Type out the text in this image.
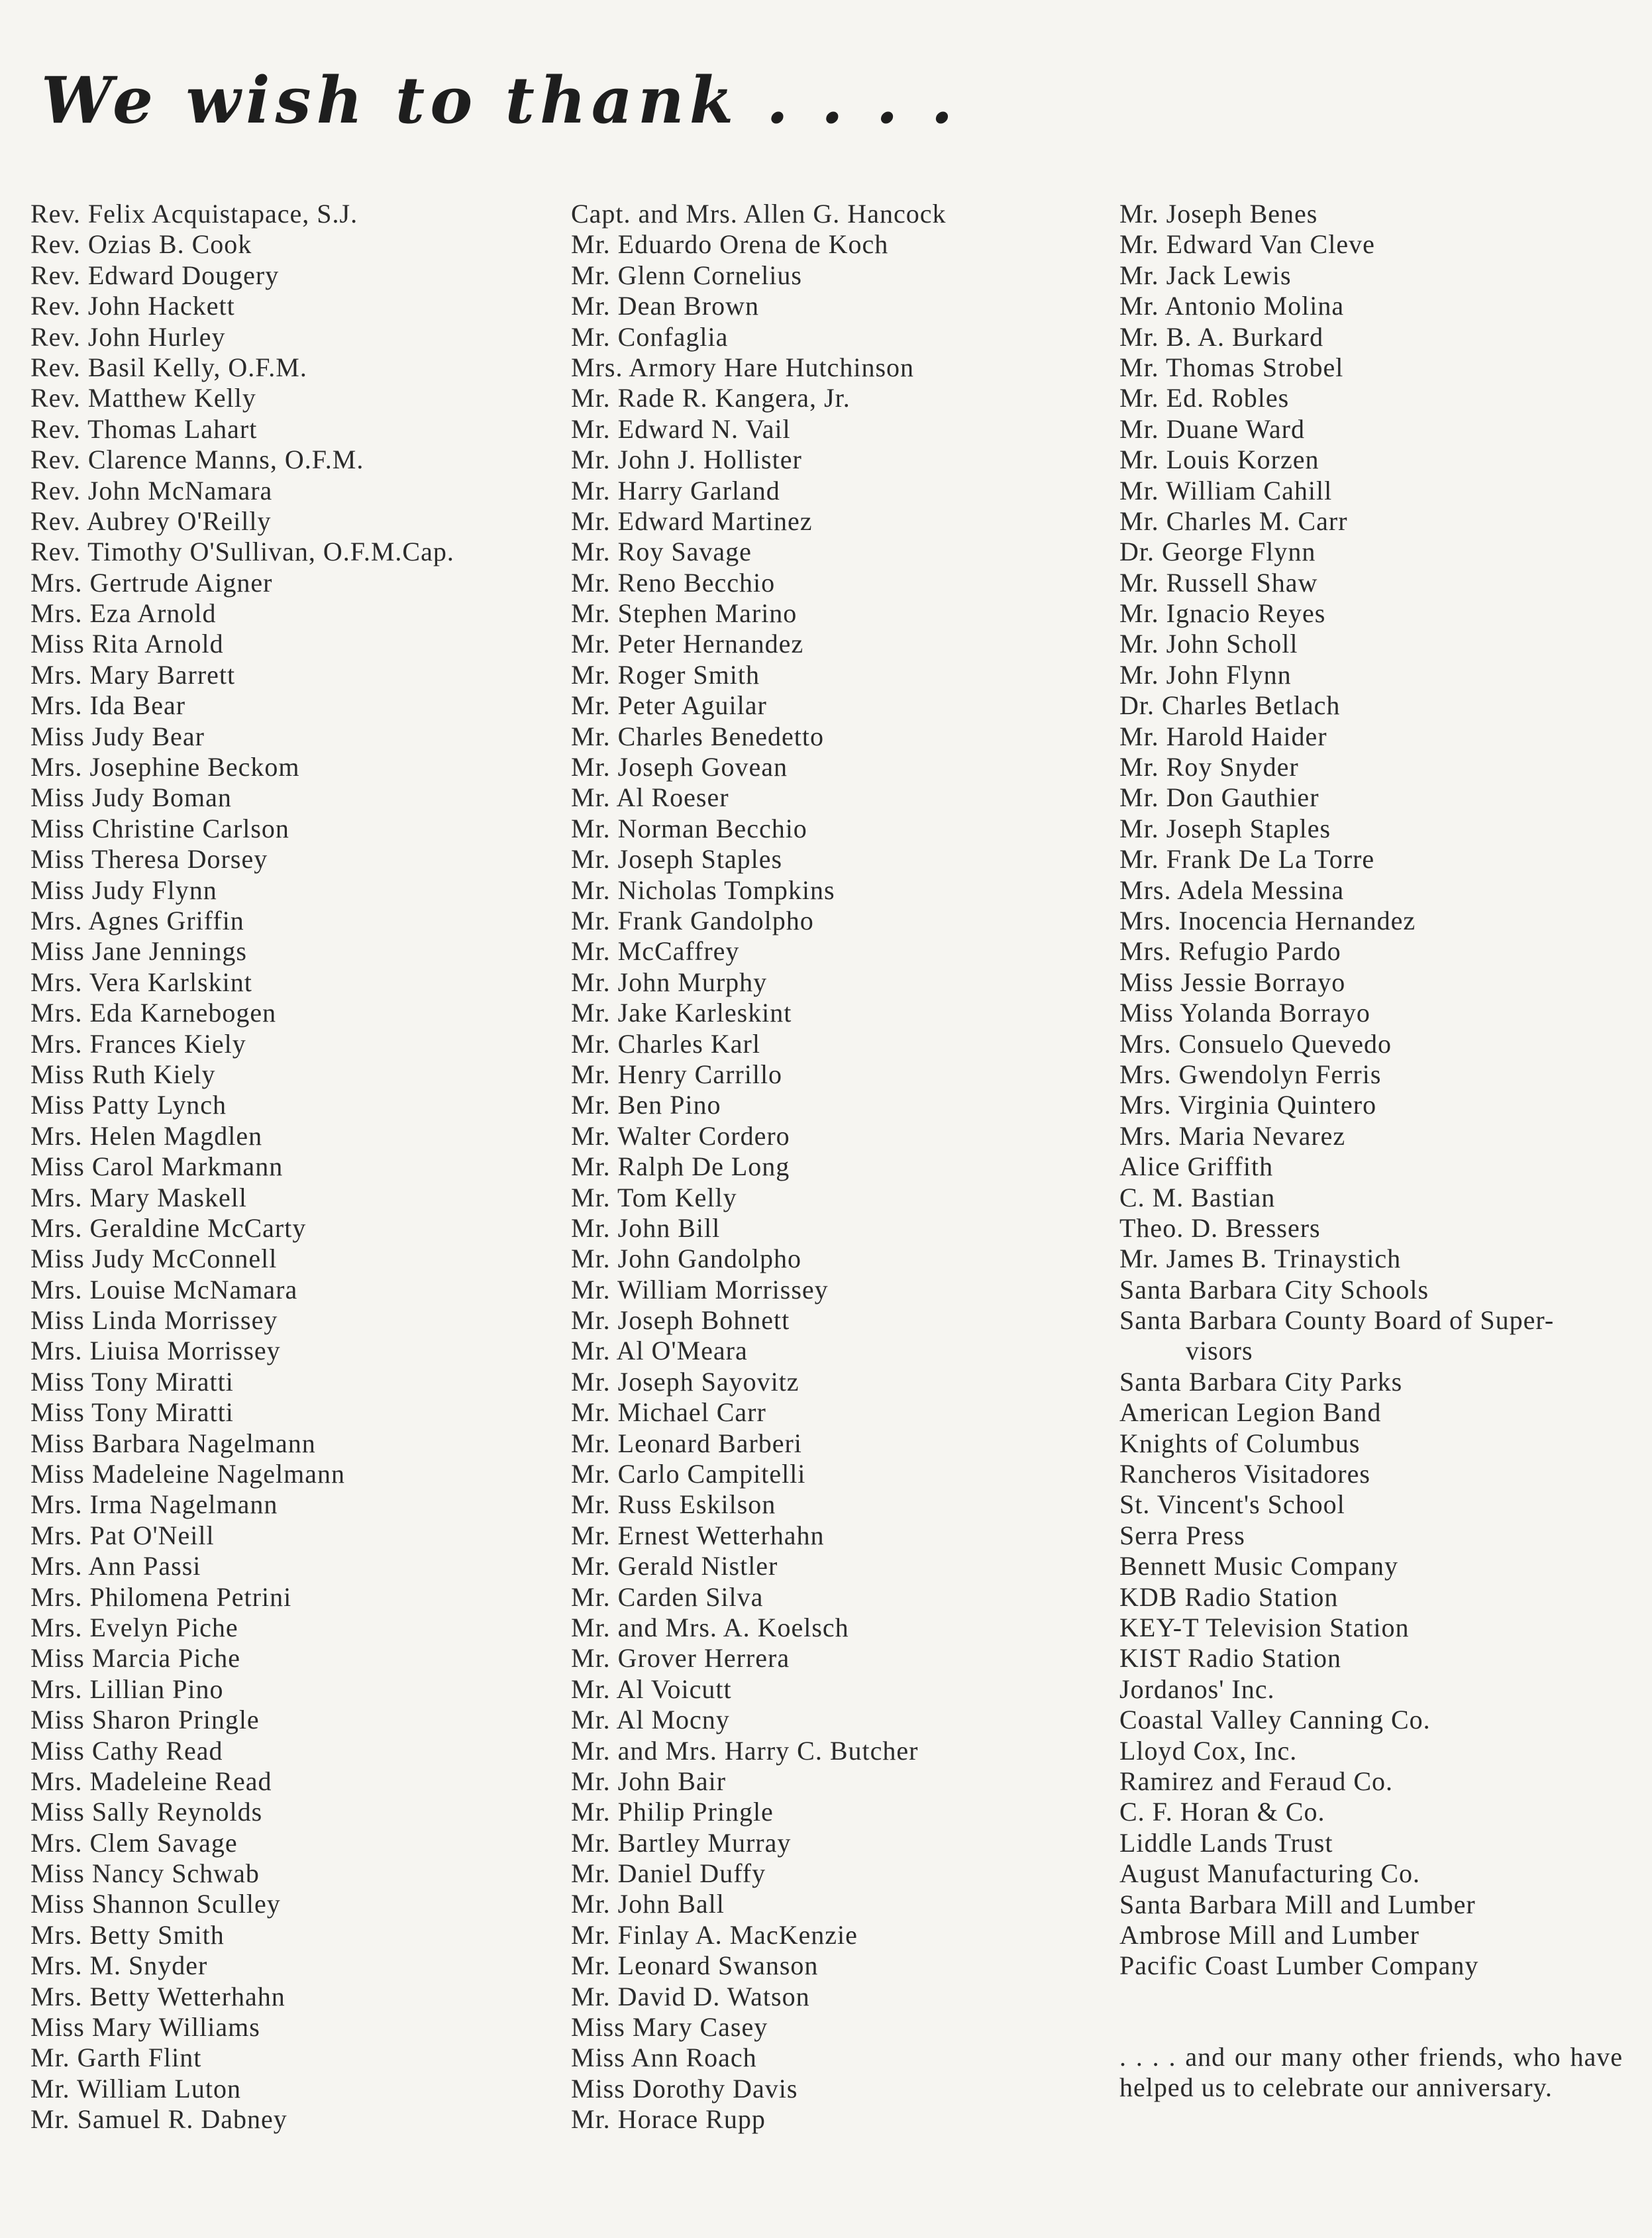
We wish to thank . . . .
Rev. Felix Acquistapace, S.J.
Rev. Ozias B. Cook
Rev. Edward Dougery
Rev. John Hackett
Rev. John Hurley
Rev. Basil Kelly, O.F.M.
Rev. Matthew Kelly
Rev. Thomas Lahart
Rev. Clarence Manns, O.F.M.
Rev. John McNamara
Rev. Aubrey O'Reilly
Rev. Timothy O'Sullivan, O.F.M.Cap.
Mrs. Gertrude Aigner
Mrs. Eza Arnold
Miss Rita Arnold
Mrs. Mary Barrett
Mrs. Ida Bear
Miss Judy Bear
Mrs. Josephine Beckom
Miss Judy Boman
Miss Christine Carlson
Miss Theresa Dorsey
Miss Judy Flynn
Mrs. Agnes Griffin
Miss Jane Jennings
Mrs. Vera Karlskint
Mrs. Eda Karnebogen
Mrs. Frances Kiely
Miss Ruth Kiely
Miss Patty Lynch
Mrs. Helen Magdlen
Miss Carol Markmann
Mrs. Mary Maskell
Mrs. Geraldine McCarty
Miss Judy McConnell
Mrs. Louise McNamara
Miss Linda Morrissey
Mrs. Liuisa Morrissey
Miss Tony Miratti
Miss Tony Miratti
Miss Barbara Nagelmann
Miss Madeleine Nagelmann
Mrs. Irma Nagelmann
Mrs. Pat O'Neill
Mrs. Ann Passi
Mrs. Philomena Petrini
Mrs. Evelyn Piche
Miss Marcia Piche
Mrs. Lillian Pino
Miss Sharon Pringle
Miss Cathy Read
Mrs. Madeleine Read
Miss Sally Reynolds
Mrs. Clem Savage
Miss Nancy Schwab
Miss Shannon Sculley
Mrs. Betty Smith
Mrs. M. Snyder
Mrs. Betty Wetterhahn
Miss Mary Williams
Mr. Garth Flint
Mr. William Luton
Mr. Samuel R. Dabney
Capt. and Mrs. Allen G. Hancock
Mr. Eduardo Orena de Koch
Mr. Glenn Cornelius
Mr. Dean Brown
Mr. Confaglia
Mrs. Armory Hare Hutchinson
Mr. Rade R. Kangera, Jr.
Mr. Edward N. Vail
Mr. John J. Hollister
Mr. Harry Garland
Mr. Edward Martinez
Mr. Roy Savage
Mr. Reno Becchio
Mr. Stephen Marino
Mr. Peter Hernandez
Mr. Roger Smith
Mr. Peter Aguilar
Mr. Charles Benedetto
Mr. Joseph Govean
Mr. Al Roeser
Mr. Norman Becchio
Mr. Joseph Staples
Mr. Nicholas Tompkins
Mr. Frank Gandolpho
Mr. McCaffrey
Mr. John Murphy
Mr. Jake Karleskint
Mr. Charles Karl
Mr. Henry Carrillo
Mr. Ben Pino
Mr. Walter Cordero
Mr. Ralph De Long
Mr. Tom Kelly
Mr. John Bill
Mr. John Gandolpho
Mr. William Morrissey
Mr. Joseph Bohnett
Mr. Al O'Meara
Mr. Joseph Sayovitz
Mr. Michael Carr
Mr. Leonard Barberi
Mr. Carlo Campitelli
Mr. Russ Eskilson
Mr. Ernest Wetterhahn
Mr. Gerald Nistler
Mr. Carden Silva
Mr. and Mrs. A. Koelsch
Mr. Grover Herrera
Mr. Al Voicutt
Mr. Al Mocny
Mr. and Mrs. Harry C. Butcher
Mr. John Bair
Mr. Philip Pringle
Mr. Bartley Murray
Mr. Daniel Duffy
Mr. John Ball
Mr. Finlay A. MacKenzie
Mr. Leonard Swanson
Mr. David D. Watson
Miss Mary Casey
Miss Ann Roach
Miss Dorothy Davis
Mr. Horace Rupp
Mr. Joseph Benes
Mr. Edward Van Cleve
Mr. Jack Lewis
Mr. Antonio Molina
Mr. B. A. Burkard
Mr. Thomas Strobel
Mr. Ed. Robles
Mr. Duane Ward
Mr. Louis Korzen
Mr. William Cahill
Mr. Charles M. Carr
Dr. George Flynn
Mr. Russell Shaw
Mr. Ignacio Reyes
Mr. John Scholl
Mr. John Flynn
Dr. Charles Betlach
Mr. Harold Haider
Mr. Roy Snyder
Mr. Don Gauthier
Mr. Joseph Staples
Mr. Frank De La Torre
Mrs. Adela Messina
Mrs. Inocencia Hernandez
Mrs. Refugio Pardo
Miss Jessie Borrayo
Miss Yolanda Borrayo
Mrs. Consuelo Quevedo
Mrs. Gwendolyn Ferris
Mrs. Virginia Quintero
Mrs. Maria Nevarez
Alice Griffith
C. M. Bastian
Theo. D. Bressers
Mr. James B. Trinaystich
Santa Barbara City Schools
Santa Barbara County Board of Super-
visors
Santa Barbara City Parks
American Legion Band
Knights of Columbus
Rancheros Visitadores
St. Vincent's School
Serra Press
Bennett Music Company
KDB Radio Station
KEY-T Television Station
KIST Radio Station
Jordanos' Inc.
Coastal Valley Canning Co.
Lloyd Cox, Inc.
Ramirez and Feraud Co.
C. F. Horan & Co.
Liddle Lands Trust
August Manufacturing Co.
Santa Barbara Mill and Lumber
Ambrose Mill and Lumber
Pacific Coast Lumber Company

. . . . and our many other friends, who have helped us to celebrate our anniversary.
